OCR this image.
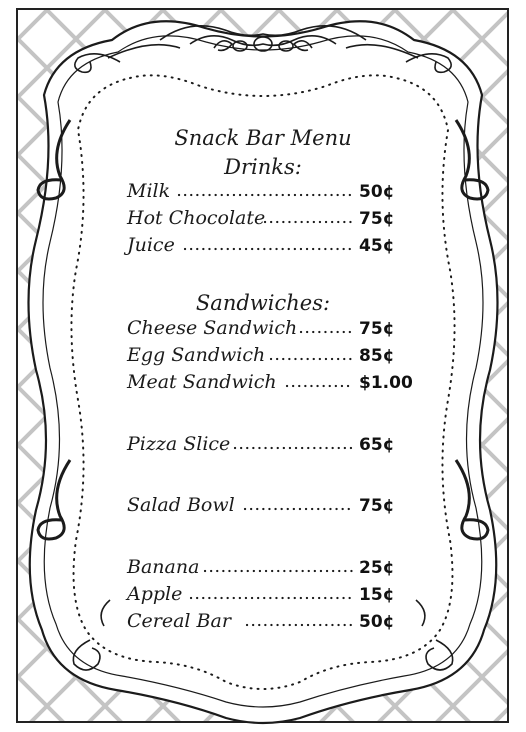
Snack Bar Menu
Drinks:
Milk	50¢
Hot Chocolate	75¢
Juice	45¢
Sandwiches:
Cheese Sandwich	75¢
Egg Sandwich	85¢
Meat Sandwich	$1.00
Pizza Slice	65¢
Salad Bowl	75¢
Banana	25¢
Apple	15¢
Cereal Bar	50¢
